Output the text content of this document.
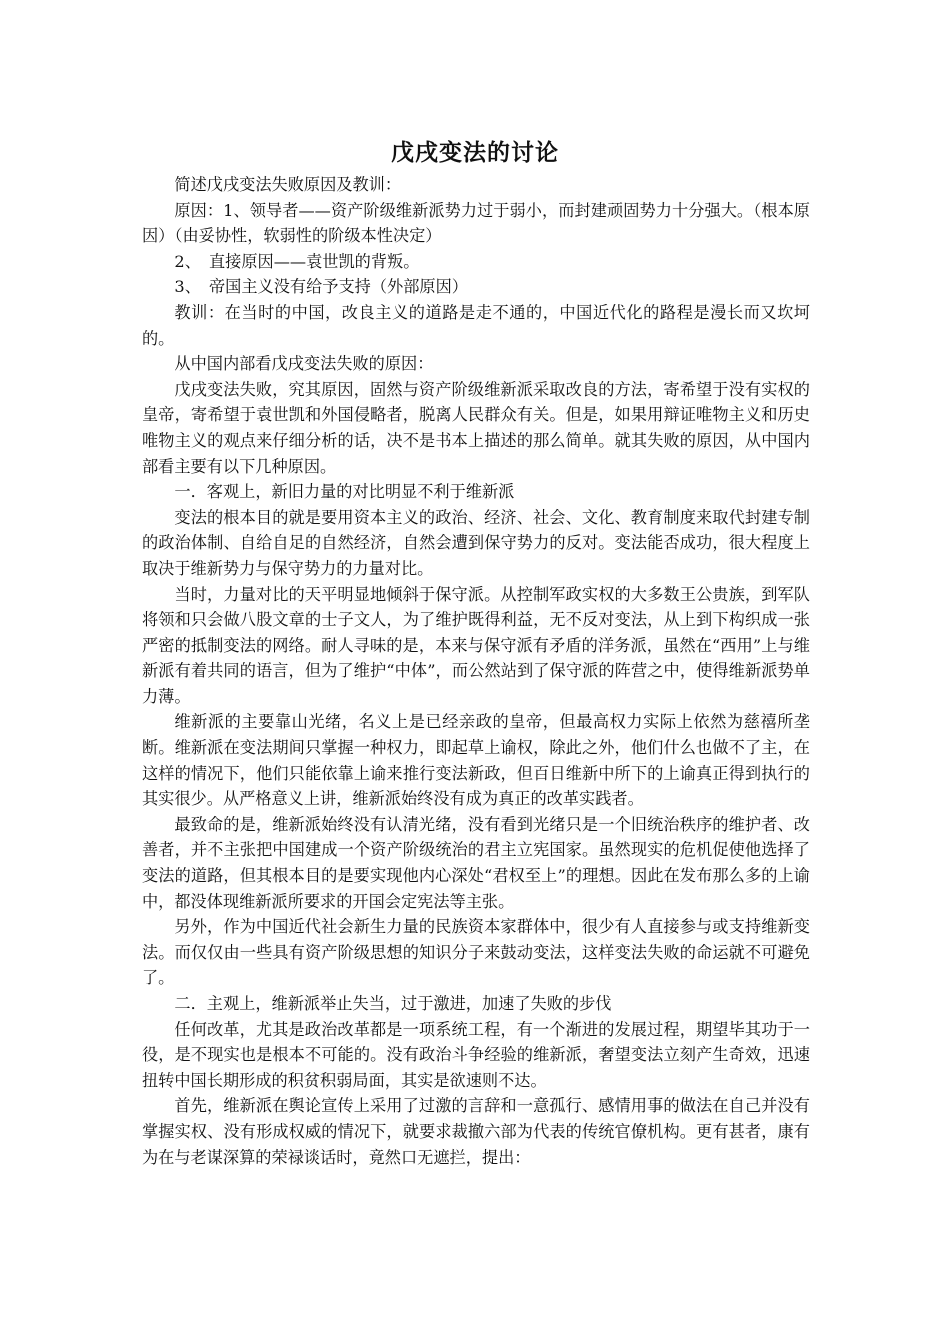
戊戌变法的讨论

简述戊戌变法失败原因及教训：

原因：1、领导者——资产阶级维新派势力过于弱小，而封建顽固势力十分强大。（根本原因）（由妥协性，软弱性的阶级本性决定）

2、　直接原因——袁世凯的背叛。

3、　帝国主义没有给予支持（外部原因）

教训：在当时的中国，改良主义的道路是走不通的，中国近代化的路程是漫长而又坎坷的。

从中国内部看戊戌变法失败的原因：

戊戌变法失败，究其原因，固然与资产阶级维新派采取改良的方法，寄希望于没有实权的皇帝，寄希望于袁世凯和外国侵略者，脱离人民群众有关。但是，如果用辩证唯物主义和历史唯物主义的观点来仔细分析的话，决不是书本上描述的那么简单。就其失败的原因，从中国内部看主要有以下几种原因。

一．客观上，新旧力量的对比明显不利于维新派

变法的根本目的就是要用资本主义的政治、经济、社会、文化、教育制度来取代封建专制的政治体制、自给自足的自然经济，自然会遭到保守势力的反对。变法能否成功，很大程度上取决于维新势力与保守势力的力量对比。

当时，力量对比的天平明显地倾斜于保守派。从控制军政实权的大多数王公贵族，到军队将领和只会做八股文章的士子文人，为了维护既得利益，无不反对变法，从上到下构织成一张严密的抵制变法的网络。耐人寻味的是，本来与保守派有矛盾的洋务派，虽然在“西用”上与维新派有着共同的语言，但为了维护“中体”，而公然站到了保守派的阵营之中，使得维新派势单力薄。

维新派的主要靠山光绪，名义上是已经亲政的皇帝，但最高权力实际上依然为慈禧所垄断。维新派在变法期间只掌握一种权力，即起草上谕权，除此之外，他们什么也做不了主，在这样的情况下，他们只能依靠上谕来推行变法新政，但百日维新中所下的上谕真正得到执行的其实很少。从严格意义上讲，维新派始终没有成为真正的改革实践者。

最致命的是，维新派始终没有认清光绪，没有看到光绪只是一个旧统治秩序的维护者、改善者，并不主张把中国建成一个资产阶级统治的君主立宪国家。虽然现实的危机促使他选择了变法的道路，但其根本目的是要实现他内心深处“君权至上”的理想。因此在发布那么多的上谕中，都没体现维新派所要求的开国会定宪法等主张。

另外，作为中国近代社会新生力量的民族资本家群体中，很少有人直接参与或支持维新变法。而仅仅由一些具有资产阶级思想的知识分子来鼓动变法，这样变法失败的命运就不可避免了。

二．主观上，维新派举止失当，过于激进，加速了失败的步伐

任何改革，尤其是政治改革都是一项系统工程，有一个渐进的发展过程，期望毕其功于一役，是不现实也是根本不可能的。没有政治斗争经验的维新派，奢望变法立刻产生奇效，迅速扭转中国长期形成的积贫积弱局面，其实是欲速则不达。

首先，维新派在舆论宣传上采用了过激的言辞和一意孤行、感情用事的做法在自己并没有掌握实权、没有形成权威的情况下，就要求裁撤六部为代表的传统官僚机构。更有甚者，康有为在与老谋深算的荣禄谈话时，竟然口无遮拦，提出：
